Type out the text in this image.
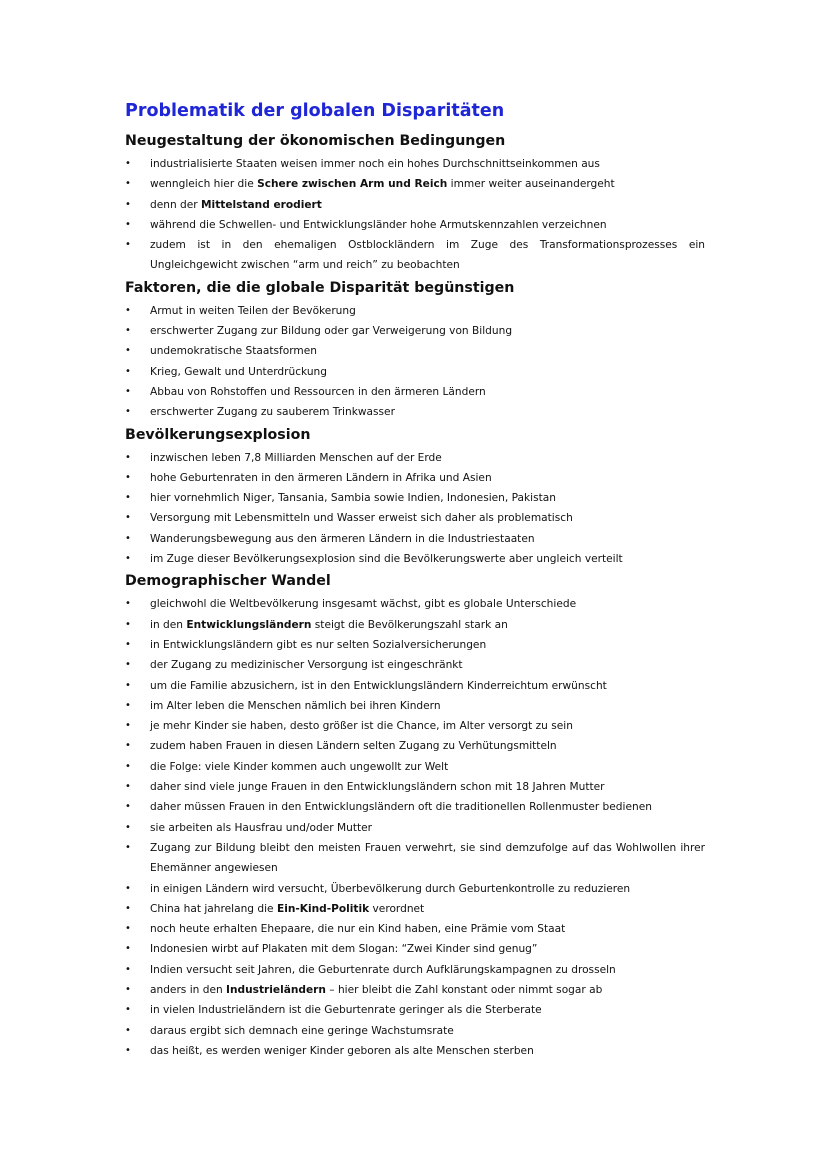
Problematik der globalen Disparitäten
Neugestaltung der ökonomischen Bedingungen
• industrialisierte Staaten weisen immer noch ein hohes Durchschnittseinkommen aus
• wenngleich hier die Schere zwischen Arm und Reich immer weiter auseinandergeht
• denn der Mittelstand erodiert
• während die Schwellen- und Entwicklungsländer hohe Armutskennzahlen verzeichnen
• zudem ist in den ehemaligen Ostblockländern im Zuge des Transformationsprozesses ein Ungleichgewicht zwischen “arm und reich” zu beobachten
Faktoren, die die globale Disparität begünstigen
• Armut in weiten Teilen der Bevökerung
• erschwerter Zugang zur Bildung oder gar Verweigerung von Bildung
• undemokratische Staatsformen
• Krieg, Gewalt und Unterdrückung
• Abbau von Rohstoffen und Ressourcen in den ärmeren Ländern
• erschwerter Zugang zu sauberem Trinkwasser
Bevölkerungsexplosion
• inzwischen leben 7,8 Milliarden Menschen auf der Erde
• hohe Geburtenraten in den ärmeren Ländern in Afrika und Asien
• hier vornehmlich Niger, Tansania, Sambia sowie Indien, Indonesien, Pakistan
• Versorgung mit Lebensmitteln und Wasser erweist sich daher als problematisch
• Wanderungsbewegung aus den ärmeren Ländern in die Industriestaaten
• im Zuge dieser Bevölkerungsexplosion sind die Bevölkerungswerte aber ungleich verteilt
Demographischer Wandel
• gleichwohl die Weltbevölkerung insgesamt wächst, gibt es globale Unterschiede
• in den Entwicklungsländern steigt die Bevölkerungszahl stark an
• in Entwicklungsländern gibt es nur selten Sozialversicherungen
• der Zugang zu medizinischer Versorgung ist eingeschränkt
• um die Familie abzusichern, ist in den Entwicklungsländern Kinderreichtum erwünscht
• im Alter leben die Menschen nämlich bei ihren Kindern
• je mehr Kinder sie haben, desto größer ist die Chance, im Alter versorgt zu sein
• zudem haben Frauen in diesen Ländern selten Zugang zu Verhütungsmitteln
• die Folge: viele Kinder kommen auch ungewollt zur Welt
• daher sind viele junge Frauen in den Entwicklungsländern schon mit 18 Jahren Mutter
• daher müssen Frauen in den Entwicklungsländern oft die traditionellen Rollenmuster bedienen
• sie arbeiten als Hausfrau und/oder Mutter
• Zugang zur Bildung bleibt den meisten Frauen verwehrt, sie sind demzufolge auf das Wohlwollen ihrer Ehemänner angewiesen
• in einigen Ländern wird versucht, Überbevölkerung durch Geburtenkontrolle zu reduzieren
• China hat jahrelang die Ein-Kind-Politik verordnet
• noch heute erhalten Ehepaare, die nur ein Kind haben, eine Prämie vom Staat
• Indonesien wirbt auf Plakaten mit dem Slogan: “Zwei Kinder sind genug”
• Indien versucht seit Jahren, die Geburtenrate durch Aufklärungskampagnen zu drosseln
• anders in den Industrieländern – hier bleibt die Zahl konstant oder nimmt sogar ab
• in vielen Industrieländern ist die Geburtenrate geringer als die Sterberate
• daraus ergibt sich demnach eine geringe Wachstumsrate
• das heißt, es werden weniger Kinder geboren als alte Menschen sterben
